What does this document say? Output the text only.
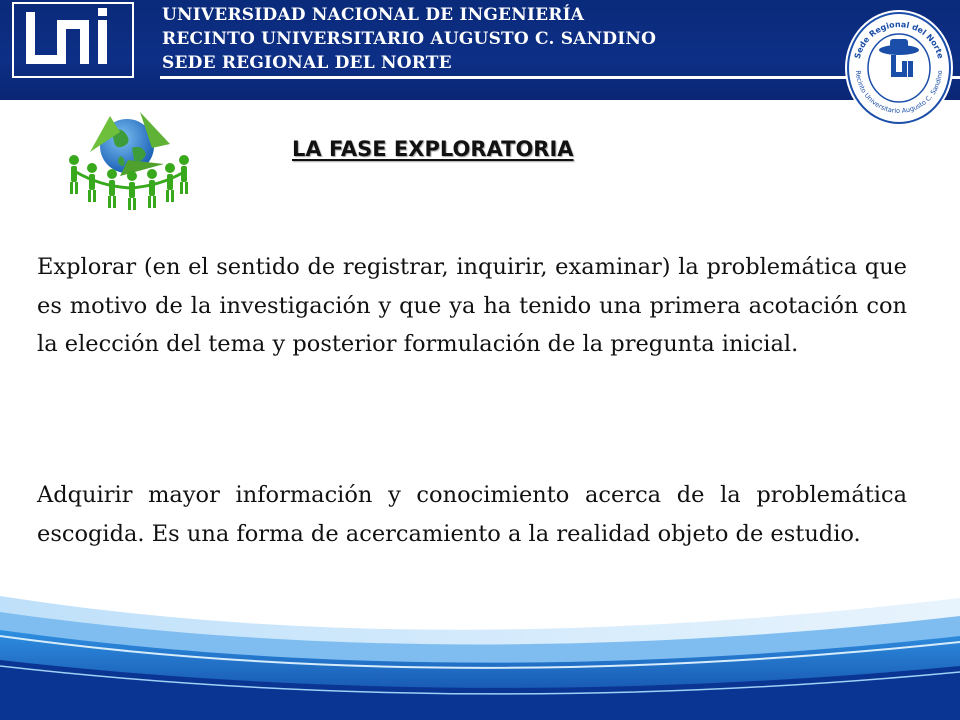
UNIVERSIDAD NACIONAL DE INGENIERÍA
RECINTO UNIVERSITARIO AUGUSTO C. SANDINO
SEDE REGIONAL DEL NORTE	Sede Regional del Norte
Recinto Universitario Augusto C. Sandino
LA FASE EXPLORATORIA

Explorar (en el sentido de registrar, inquirir, examinar) la problemática que es motivo de la investigación y que ya ha tenido una primera acotación con la elección del tema y posterior formulación de la pregunta inicial.

Adquirir mayor información y conocimiento acerca de la problemática escogida. Es una forma de acercamiento a la realidad objeto de estudio.
